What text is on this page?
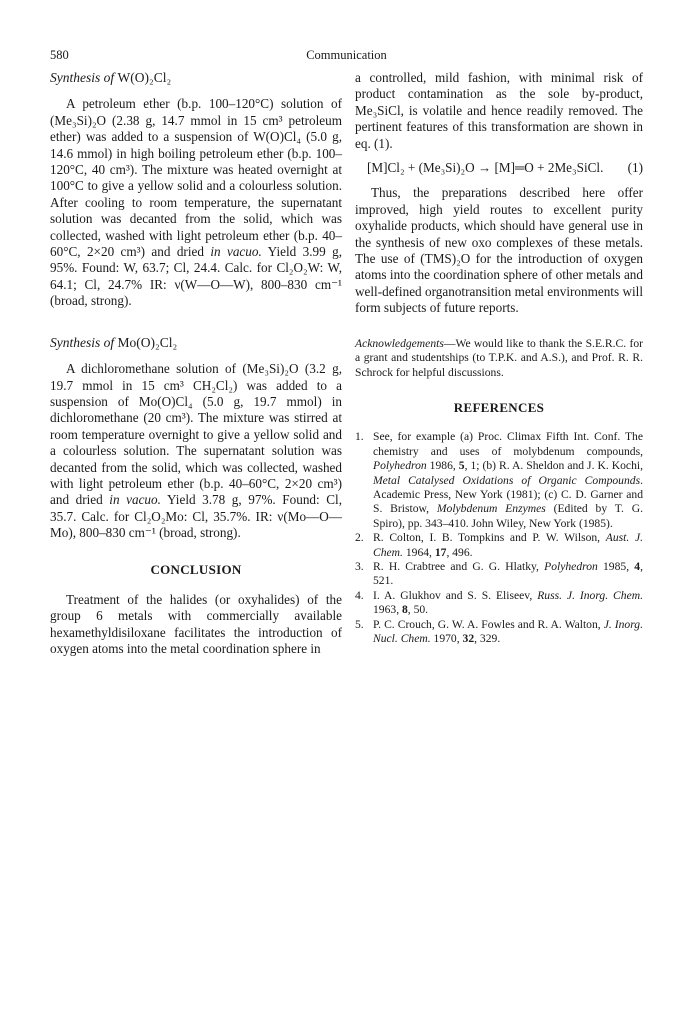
580	Communication
Synthesis of W(O)₂Cl₂

A petroleum ether (b.p. 100–120°C) solution of (Me₃Si)₂O (2.38 g, 14.7 mmol in 15 cm³ petroleum ether) was added to a suspension of W(O)Cl₄ (5.0 g, 14.6 mmol) in high boiling petroleum ether (b.p. 100–120°C, 40 cm³). The mixture was heated overnight at 100°C to give a yellow solid and a colourless solution. After cooling to room temperature, the supernatant solution was decanted from the solid, which was collected, washed with light petroleum ether (b.p. 40–60°C, 2×20 cm³) and dried in vacuo. Yield 3.99 g, 95%. Found: W, 63.7; Cl, 24.4. Calc. for Cl₂O₂W: W, 64.1; Cl, 24.7% IR: ν(W—O—W), 800–830 cm⁻¹ (broad, strong).

Synthesis of Mo(O)₂Cl₂

A dichloromethane solution of (Me₃Si)₂O (3.2 g, 19.7 mmol in 15 cm³ CH₂Cl₂) was added to a suspension of Mo(O)Cl₄ (5.0 g, 19.7 mmol) in dichloromethane (20 cm³). The mixture was stirred at room temperature overnight to give a yellow solid and a colourless solution. The supernatant solution was decanted from the solid, which was collected, washed with light petroleum ether (b.p. 40–60°C, 2×20 cm³) and dried in vacuo. Yield 3.78 g, 97%. Found: Cl, 35.7. Calc. for Cl₂O₂Mo: Cl, 35.7%. IR: ν(Mo—O—Mo), 800–830 cm⁻¹ (broad, strong).

CONCLUSION

Treatment of the halides (or oxyhalides) of the group 6 metals with commercially available hexamethyldisiloxane facilitates the introduction of oxygen atoms into the metal coordination sphere in

a controlled, mild fashion, with minimal risk of product contamination as the sole by-product, Me₃SiCl, is volatile and hence readily removed. The pertinent features of this transformation are shown in eq. (1).

[M]Cl₂ + (Me₃Si)₂O → [M]═O + 2Me₃SiCl. (1)

Thus, the preparations described here offer improved, high yield routes to excellent purity oxyhalide products, which should have general use in the synthesis of new oxo complexes of these metals. The use of (TMS)₂O for the introduction of oxygen atoms into the coordination sphere of other metals and well-defined organotransition metal environments will form subjects of future reports.

Acknowledgements—We would like to thank the S.E.R.C. for a grant and studentships (to T.P.K. and A.S.), and Prof. R. R. Schrock for helpful discussions.

REFERENCES
1. See, for example (a) Proc. Climax Fifth Int. Conf. The chemistry and uses of molybdenum compounds, Polyhedron 1986, 5, 1; (b) R. A. Sheldon and J. K. Kochi, Metal Catalysed Oxidations of Organic Compounds. Academic Press, New York (1981); (c) C. D. Garner and S. Bristow, Molybdenum Enzymes (Edited by T. G. Spiro), pp. 343–410. John Wiley, New York (1985).
2. R. Colton, I. B. Tompkins and P. W. Wilson, Aust. J. Chem. 1964, 17, 496.
3. R. H. Crabtree and G. G. Hlatky, Polyhedron 1985, 4, 521.
4. I. A. Glukhov and S. S. Eliseev, Russ. J. Inorg. Chem. 1963, 8, 50.
5. P. C. Crouch, G. W. A. Fowles and R. A. Walton, J. Inorg. Nucl. Chem. 1970, 32, 329.
